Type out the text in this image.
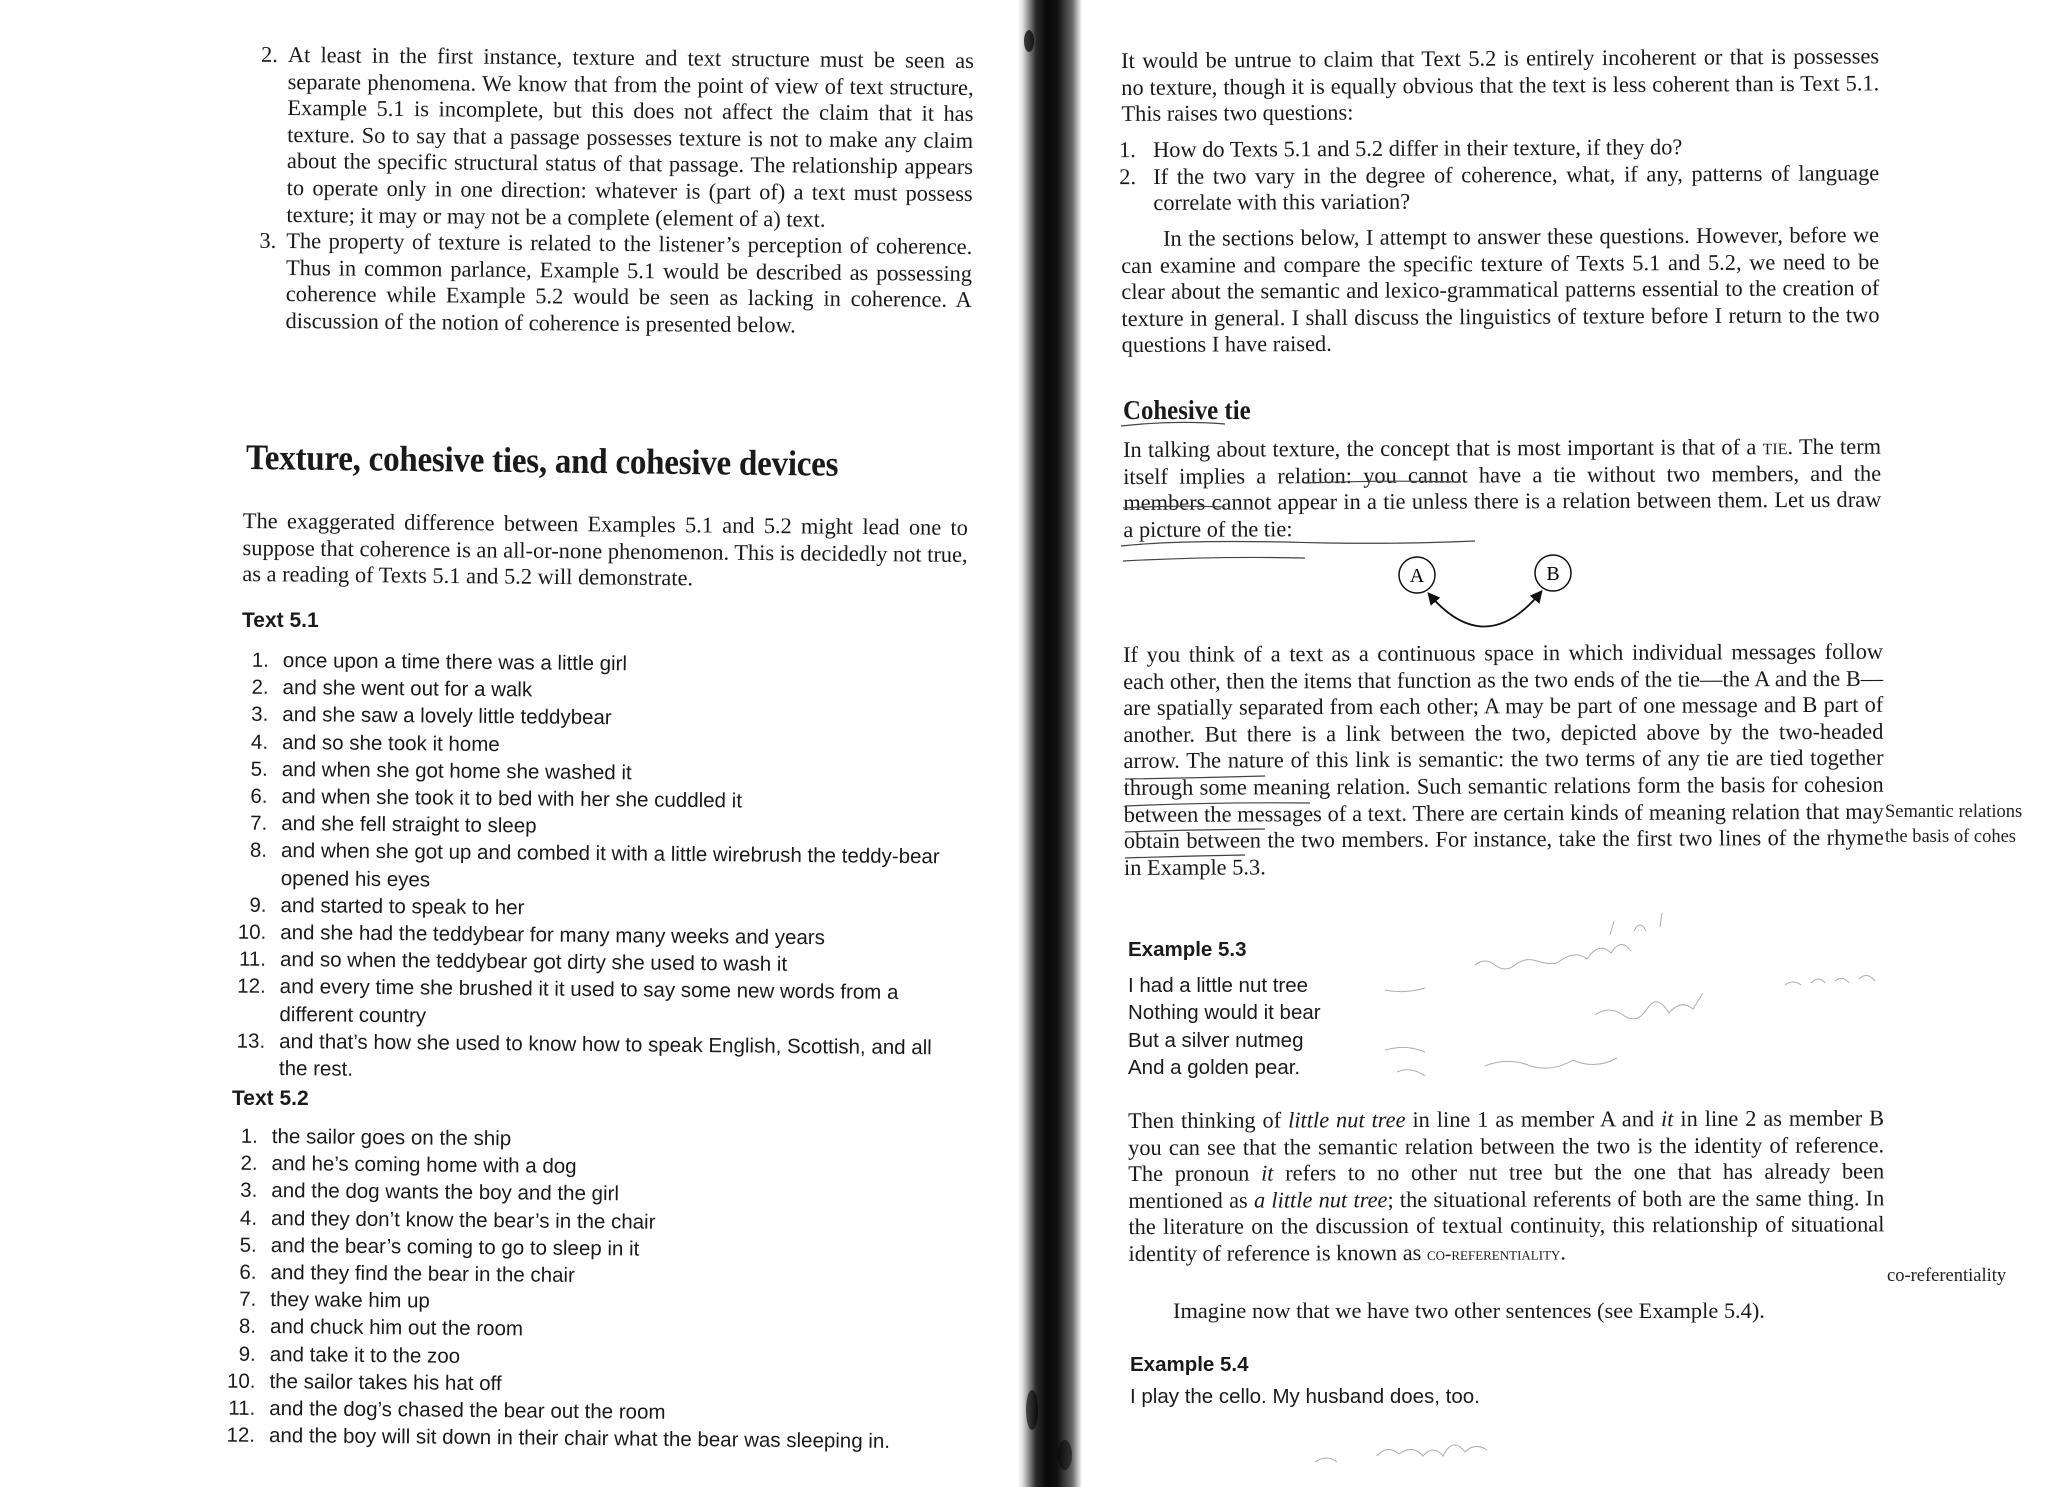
2. At least in the first instance, texture and text structure must be seen as separate phenomena. We know that from the point of view of text structure, Example 5.1 is incomplete, but this does not affect the claim that it has texture. So to say that a passage possesses texture is not to make any claim about the specific structural status of that passage. The relationship appears to operate only in one direction: whatever is (part of) a text must possess texture; it may or may not be a complete (element of a) text.
3. The property of texture is related to the listener’s perception of coherence. Thus in common parlance, Example 5.1 would be described as possessing coherence while Example 5.2 would be seen as lacking in coherence. A discussion of the notion of coherence is presented below.
Texture, cohesive ties, and cohesive devices

The exaggerated difference between Examples 5.1 and 5.2 might lead one to suppose that coherence is an all-or-none phenomenon. This is decidedly not true, as a reading of Texts 5.1 and 5.2 will demonstrate.

Text 5.1
1. once upon a time there was a little girl
2. and she went out for a walk
3. and she saw a lovely little teddybear
4. and so she took it home
5. and when she got home she washed it
6. and when she took it to bed with her she cuddled it
7. and she fell straight to sleep
8. and when she got up and combed it with a little wirebrush the teddy-bear opened his eyes
9. and started to speak to her
10. and she had the teddybear for many many weeks and years
11. and so when the teddybear got dirty she used to wash it
12. and every time she brushed it it used to say some new words from a different country
13. and that’s how she used to know how to speak English, Scottish, and all the rest.
Text 5.2
1. the sailor goes on the ship
2. and he’s coming home with a dog
3. and the dog wants the boy and the girl
4. and they don’t know the bear’s in the chair
5. and the bear’s coming to go to sleep in it
6. and they find the bear in the chair
7. they wake him up
8. and chuck him out the room
9. and take it to the zoo
10. the sailor takes his hat off
11. and the dog’s chased the bear out the room
12. and the boy will sit down in their chair what the bear was sleeping in.

It would be untrue to claim that Text 5.2 is entirely incoherent or that is possesses no texture, though it is equally obvious that the text is less coherent than is Text 5.1. This raises two questions:

1. How do Texts 5.1 and 5.2 differ in their texture, if they do?
2. If the two vary in the degree of coherence, what, if any, patterns of language correlate with this variation?

In the sections below, I attempt to answer these questions. However, before we can examine and compare the specific texture of Texts 5.1 and 5.2, we need to be clear about the semantic and lexico-grammatical patterns essential to the creation of texture in general. I shall discuss the linguistics of texture before I return to the two questions I have raised.

Cohesive tie

In talking about texture, the concept that is most important is that of a tie. The term itself implies a relation: you cannot have a tie without two members, and the members cannot appear in a tie unless there is a relation between them. Let us draw a picture of the tie:

A	B

If you think of a text as a continuous space in which individual messages follow each other, then the items that function as the two ends of the tie—the A and the B—are spatially separated from each other; A may be part of one message and B part of another. But there is a link between the two, depicted above by the two-headed arrow. The nature of this link is semantic: the two terms of any tie are tied together through some meaning relation. Such semantic relations form the basis for cohesion between the messages of a text. There are certain kinds of meaning relation that may obtain between the two members. For instance, take the first two lines of the rhyme in Example 5.3.

Semantic relations the basis of cohes
Example 5.3
I had a little nut tree
Nothing would it bear
But a silver nutmeg
And a golden pear.

Then thinking of little nut tree in line 1 as member A and it in line 2 as member B you can see that the semantic relation between the two is the identity of reference. The pronoun it refers to no other nut tree but the one that has already been mentioned as a little nut tree; the situational referents of both are the same thing. In the literature on the discussion of textual continuity, this relationship of situational identity of reference is known as co-referentiality.

co-referentiality

Imagine now that we have two other sentences (see Example 5.4).

Example 5.4
I play the cello. My husband does, too.
